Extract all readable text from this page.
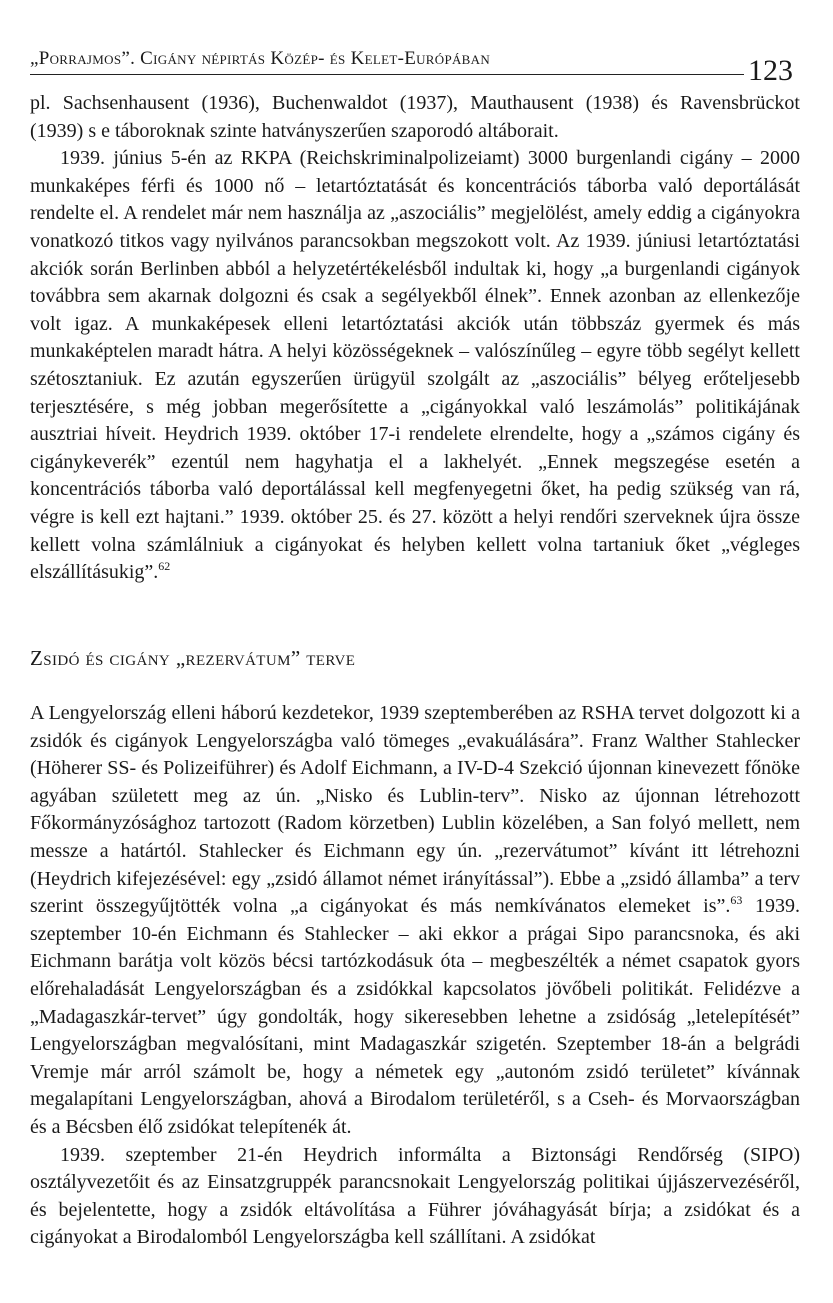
„Porrajmos”. Cigány népirtás Közép- és Kelet-Európában	123

pl. Sachsenhausent (1936), Buchenwaldot (1937), Mauthausent (1938) és Ravensbrückot (1939) s e táboroknak szinte hatványszerűen szaporodó altáborait.

1939. június 5-én az RKPA (Reichskriminalpolizeiamt) 3000 burgenlandi cigány – 2000 munkaképes férfi és 1000 nő – letartóztatását és koncentrációs táborba való deportálását rendelte el. A rendelet már nem használja az „aszociális” megjelölést, amely eddig a cigányokra vonatkozó titkos vagy nyilvános parancsokban megszokott volt. Az 1939. júniusi letartóztatási akciók során Berlinben abból a helyzetértékelésből indultak ki, hogy „a burgenlandi cigányok továbbra sem akarnak dolgozni és csak a segélyekből élnek”. Ennek azonban az ellenkezője volt igaz. A munkaképesek elleni letartóztatási akciók után többszáz gyermek és más munkaképtelen maradt hátra. A helyi közösségeknek – valószínűleg – egyre több segélyt kellett szétosztaniuk. Ez azután egyszerűen ürügyül szolgált az „aszociális” bélyeg erőteljesebb terjesztésére, s még jobban megerősítette a „cigányokkal való leszámolás” politikájának ausztriai híveit. Heydrich 1939. október 17-i rendelete elrendelte, hogy a „számos cigány és cigánykeverék” ezentúl nem hagyhatja el a lakhelyét. „Ennek megszegése esetén a koncentrációs táborba való deportálással kell megfenyegetni őket, ha pedig szükség van rá, végre is kell ezt hajtani.” 1939. október 25. és 27. között a helyi rendőri szerveknek újra össze kellett volna számlálniuk a cigányokat és helyben kellett volna tartaniuk őket „végleges elszállításukig”.$^{62}$

Zsidó és cigány „rezervátum” terve

A Lengyelország elleni háború kezdetekor, 1939 szeptemberében az RSHA tervet dolgozott ki a zsidók és cigányok Lengyelországba való tömeges „evakuálására”. Franz Walther Stahlecker (Höherer SS- és Polizeiführer) és Adolf Eichmann, a IV-D-4 Szekció újonnan kinevezett főnöke agyában született meg az ún. „Nisko és Lublin-terv”. Nisko az újonnan létrehozott Főkormányzósághoz tartozott (Radom körzetben) Lublin közelében, a San folyó mellett, nem messze a határtól. Stahlecker és Eichmann egy ún. „rezervátumot” kívánt itt létrehozni (Heydrich kifejezésével: egy „zsidó államot német irányítással”). Ebbe a „zsidó államba” a terv szerint összegyűjtötték volna „a cigányokat és más nemkívánatos elemeket is”.$^{63}$ 1939. szeptember 10-én Eichmann és Stahlecker – aki ekkor a prágai Sipo parancsnoka, és aki Eichmann barátja volt közös bécsi tartózkodásuk óta – megbeszélték a német csapatok gyors előrehaladását Lengyelországban és a zsidókkal kapcsolatos jövőbeli politikát. Felidézve a „Madagaszkár-tervet” úgy gondolták, hogy sikeresebben lehetne a zsidóság „letelepítését” Lengyelországban megvalósítani, mint Madagaszkár szigetén. Szeptember 18-án a belgrádi Vremje már arról számolt be, hogy a németek egy „autonóm zsidó területet” kívánnak megalapítani Lengyelországban, ahová a Birodalom területéről, s a Cseh- és Morvaországban és a Bécsben élő zsidókat telepítenék át.

1939. szeptember 21-én Heydrich informálta a Biztonsági Rendőrség (SIPO) osztályvezetőit és az Einsatzgruppék parancsnokait Lengyelország politikai újjászervezéséről, és bejelentette, hogy a zsidók eltávolítása a Führer jóváhagyását bírja; a zsidókat és a cigányokat a Birodalomból Lengyelországba kell szállítani. A zsidókat
